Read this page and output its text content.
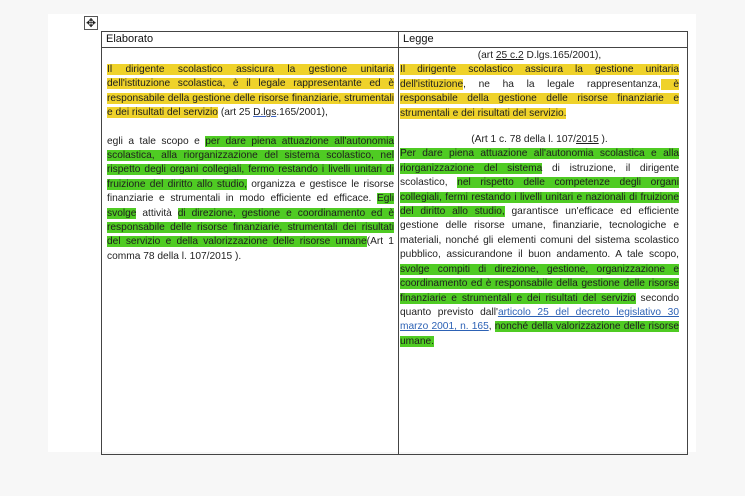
✥
Elaborato	Legge

Il dirigente scolastico assicura la gestione unitaria dell'istituzione scolastica, è il legale rappresentante ed è responsabile della gestione delle risorse finanziarie, strumentali e dei risultati del servizio (art 25 D.lgs.165/2001),

egli a tale scopo e per dare piena attuazione all'autonomia scolastica, alla riorganizzazione del sistema scolastico, nel rispetto degli organi collegiali, fermo restando i livelli unitari di fruizione del diritto allo studio, organizza e gestisce le risorse finanziarie e strumentali in modo efficiente ed efficace. Egli svolge attività di direzione, gestione e coordinamento ed è responsabile delle risorse finanziarie, strumentali dei risultati del servizio e della valorizzazione delle risorse umane(Art 1 comma 78 della l. 107/2015 ).

(art 25 c.2 D.lgs.165/2001),

Il dirigente scolastico assicura la gestione unitaria dell'istituzione, ne ha la legale rappresentanza, è responsabile della gestione delle risorse finanziarie e strumentali e dei risultati del servizio.

(Art 1 c. 78 della l. 107/2015 ).

Per dare piena attuazione all'autonomia scolastica e alla riorganizzazione del sistema di istruzione, il dirigente scolastico, nel rispetto delle competenze degli organi collegiali, fermi restando i livelli unitari e nazionali di fruizione del diritto allo studio, garantisce un'efficace ed efficiente gestione delle risorse umane, finanziarie, tecnologiche e materiali, nonché gli elementi comuni del sistema scolastico pubblico, assicurandone il buon andamento. A tale scopo, svolge compiti di direzione, gestione, organizzazione e coordinamento ed è responsabile della gestione delle risorse finanziarie e strumentali e dei risultati del servizio secondo quanto previsto dall'articolo 25 del decreto legislativo 30 marzo 2001, n. 165, nonché della valorizzazione delle risorse umane.
